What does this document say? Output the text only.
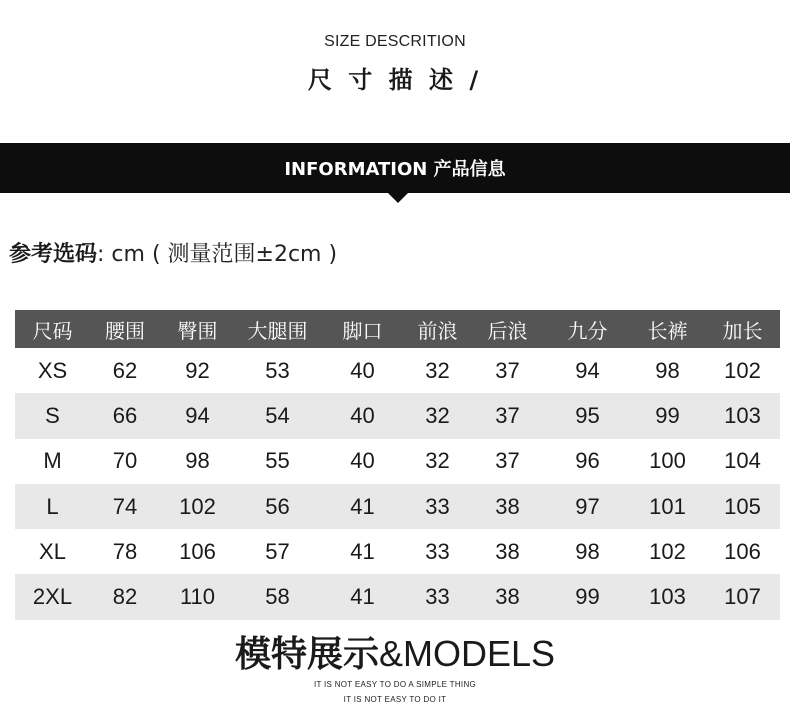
SIZE DESCRITION
尺 寸 描 述 /
INFORMATION 产品信息
参考选码: cm ( 测量范围±2cm )
尺码	腰围	臀围	大腿围	脚口	前浪	后浪	九分	长裤	加长
XS	62	92	53	40	32	37	94	98	102
S	66	94	54	40	32	37	95	99	103
M	70	98	55	40	32	37	96	100	104
L	74	102	56	41	33	38	97	101	105
XL	78	106	57	41	33	38	98	102	106
2XL	82	110	58	41	33	38	99	103	107
模特展示&MODELS
IT IS NOT EASY TO DO A SIMPLE THING
IT IS NOT EASY TO DO IT
